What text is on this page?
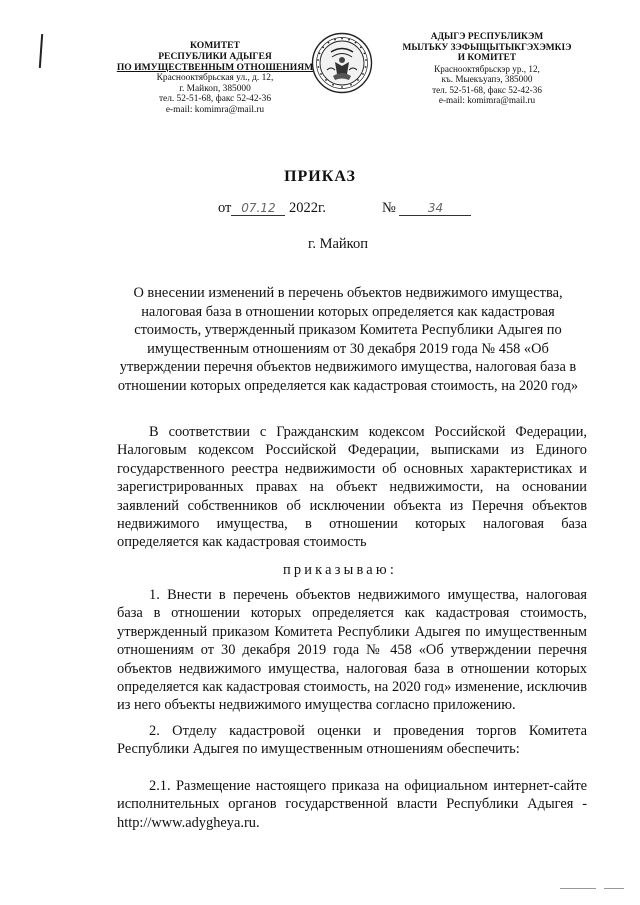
КОМИТЕТ
РЕСПУБЛИКИ АДЫГЕЯ
ПО ИМУЩЕСТВЕННЫМ ОТНОШЕНИЯМ
Краснооктябрьская ул., д. 12,
г. Майкоп, 385000
тел. 52-51-68, факс 52-42-36
e-mail: komimra@mail.ru
АДЫГЭ РЕСПУБЛИКЭМ
МЫЛЪКУ ЗЭФЫЩЫТЫКГЭХЭМКІЭ
И КОМИТЕТ
Краснооктябрьскэр ур., 12,
къ. Мыекъуапэ, 385000
тел. 52-51-68, факс 52-42-36
e-mail: komimra@mail.ru
ПРИКАЗ
от 07.12 2022г.	№	34
г. Майкоп
О внесении изменений в перечень объектов недвижимого имущества, налоговая база в отношении которых определяется как кадастровая стоимость, утвержденный приказом Комитета Республики Адыгея по имущественным отношениям от 30 декабря 2019 года № 458 «Об утверждении перечня объектов недвижимого имущества, налоговая база в отношении которых определяется как кадастровая стоимость, на 2020 год»
В соответствии с Гражданским кодексом Российской Федерации, Налоговым кодексом Российской Федерации, выписками из Единого государственного реестра недвижимости об основных характеристиках и зарегистрированных правах на объект недвижимости, на основании заявлений собственников об исключении объекта из Перечня объектов недвижимого имущества, в отношении которых налоговая база определяется как кадастровая стоимость
приказываю:
1. Внести в перечень объектов недвижимого имущества, налоговая база в отношении которых определяется как кадастровая стоимость, утвержденный приказом Комитета Республики Адыгея по имущественным отношениям от 30 декабря 2019 года № 458 «Об утверждении перечня объектов недвижимого имущества, налоговая база в отношении которых определяется как кадастровая стоимость, на 2020 год» изменение, исключив из него объекты недвижимого имущества согласно приложению.
2. Отделу кадастровой оценки и проведения торгов Комитета Республики Адыгея по имущественным отношениям обеспечить:
2.1. Размещение настоящего приказа на официальном интернет-сайте исполнительных органов государственной власти Республики Адыгея - http://www.adygheya.ru.
